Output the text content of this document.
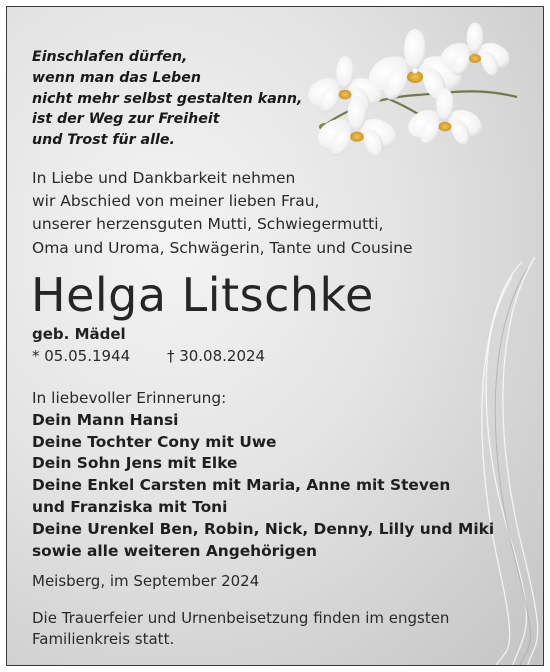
Einschlafen dürfen,
wenn man das Leben
nicht mehr selbst gestalten kann,
ist der Weg zur Freiheit
und Trost für alle.
In Liebe und Dankbarkeit nehmen
wir Abschied von meiner lieben Frau,
unserer herzensguten Mutti, Schwiegermutti,
Oma und Uroma, Schwägerin, Tante und Cousine
Helga Litschke
geb. Mädel
* 05.05.1944 † 30.08.2024
In liebevoller Erinnerung:
Dein Mann Hansi
Deine Tochter Cony mit Uwe
Dein Sohn Jens mit Elke
Deine Enkel Carsten mit Maria, Anne mit Steven
und Franziska mit Toni
Deine Urenkel Ben, Robin, Nick, Denny, Lilly und Miki
sowie alle weiteren Angehörigen
Meisberg, im September 2024
Die Trauerfeier und Urnenbeisetzung finden im engsten
Familienkreis statt.
